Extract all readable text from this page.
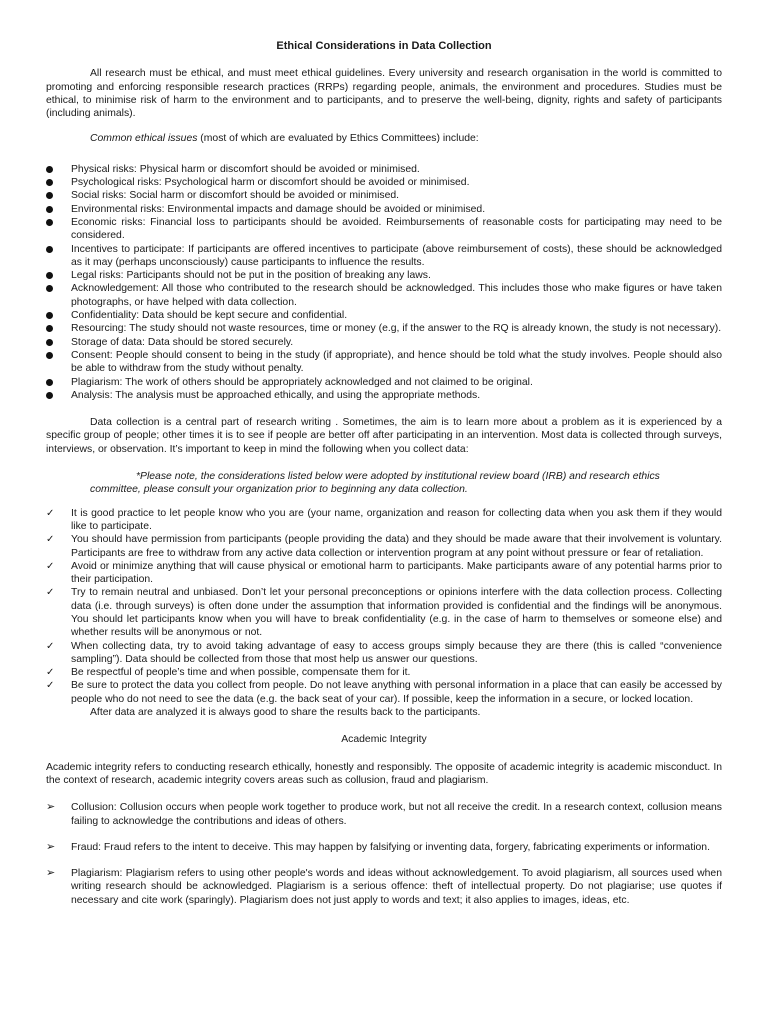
Ethical Considerations in Data Collection

All research must be ethical, and must meet ethical guidelines. Every university and research organisation in the world is committed to promoting and enforcing responsible research practices (RRPs) regarding people, animals, the environment and procedures. Studies must be ethical, to minimise risk of harm to the environment and to participants, and to preserve the well-being, dignity, rights and safety of participants (including animals).

Common ethical issues (most of which are evaluated by Ethics Committees) include:

Physical risks: Physical harm or discomfort should be avoided or minimised.
Psychological risks: Psychological harm or discomfort should be avoided or minimised.
Social risks: Social harm or discomfort should be avoided or minimised.
Environmental risks: Environmental impacts and damage should be avoided or minimised.
Economic risks: Financial loss to participants should be avoided. Reimbursements of reasonable costs for participating may need to be considered.
Incentives to participate: If participants are offered incentives to participate (above reimbursement of costs), these should be acknowledged as it may (perhaps unconsciously) cause participants to influence the results.
Legal risks: Participants should not be put in the position of breaking any laws.
Acknowledgement: All those who contributed to the research should be acknowledged. This includes those who make figures or have taken photographs, or have helped with data collection.
Confidentiality: Data should be kept secure and confidential.
Resourcing: The study should not waste resources, time or money (e.g, if the answer to the RQ is already known, the study is not necessary).
Storage of data: Data should be stored securely.
Consent: People should consent to being in the study (if appropriate), and hence should be told what the study involves. People should also be able to withdraw from the study without penalty.
Plagiarism: The work of others should be appropriately acknowledged and not claimed to be original.
Analysis: The analysis must be approached ethically, and using the appropriate methods.

Data collection is a central part of research writing . Sometimes, the aim is to learn more about a problem as it is experienced by a specific group of people; other times it is to see if people are better off after participating in an intervention. Most data is collected through surveys, interviews, or observation. It’s important to keep in mind the following when you collect data:

*Please note, the considerations listed below were adopted by institutional review board (IRB) and research ethics
committee, please consult your organization prior to beginning any data collection.
✓	It is good practice to let people know who you are (your name, organization and reason for collecting data when you ask them if they would like to participate.
✓	You should have permission from participants (people providing the data) and they should be made aware that their involvement is voluntary. Participants are free to withdraw from any active data collection or intervention program at any point without pressure or fear of retaliation.
✓	Avoid or minimize anything that will cause physical or emotional harm to participants. Make participants aware of any potential harms prior to their participation.
✓	Try to remain neutral and unbiased. Don’t let your personal preconceptions or opinions interfere with the data collection process. Collecting data (i.e. through surveys) is often done under the assumption that information provided is confidential and the findings will be anonymous. You should let participants know when you will have to break confidentiality (e.g. in the case of harm to themselves or someone else) and whether results will be anonymous or not.
✓	When collecting data, try to avoid taking advantage of easy to access groups simply because they are there (this is called “convenience sampling”). Data should be collected from those that most help us answer our questions.
✓	Be respectful of people’s time and when possible, compensate them for it.
✓	Be sure to protect the data you collect from people. Do not leave anything with personal information in a place that can easily be accessed by people who do not need to see the data (e.g. the back seat of your car). If possible, keep the information in a secure, or locked location.

After data are analyzed it is always good to share the results back to the participants.

Academic Integrity

Academic integrity refers to conducting research ethically, honestly and responsibly. The opposite of academic integrity is academic misconduct. In the context of research, academic integrity covers areas such as collusion, fraud and plagiarism.

➢	Collusion: Collusion occurs when people work together to produce work, but not all receive the credit. In a research context, collusion means failing to acknowledge the contributions and ideas of others.
➢	Fraud: Fraud refers to the intent to deceive. This may happen by falsifying or inventing data, forgery, fabricating experiments or information.
➢	Plagiarism: Plagiarism refers to using other people's words and ideas without acknowledgement. To avoid plagiarism, all sources used when writing research should be acknowledged. Plagiarism is a serious offence: theft of intellectual property. Do not plagiarise; use quotes if necessary and cite work (sparingly). Plagiarism does not just apply to words and text; it also applies to images, ideas, etc.
